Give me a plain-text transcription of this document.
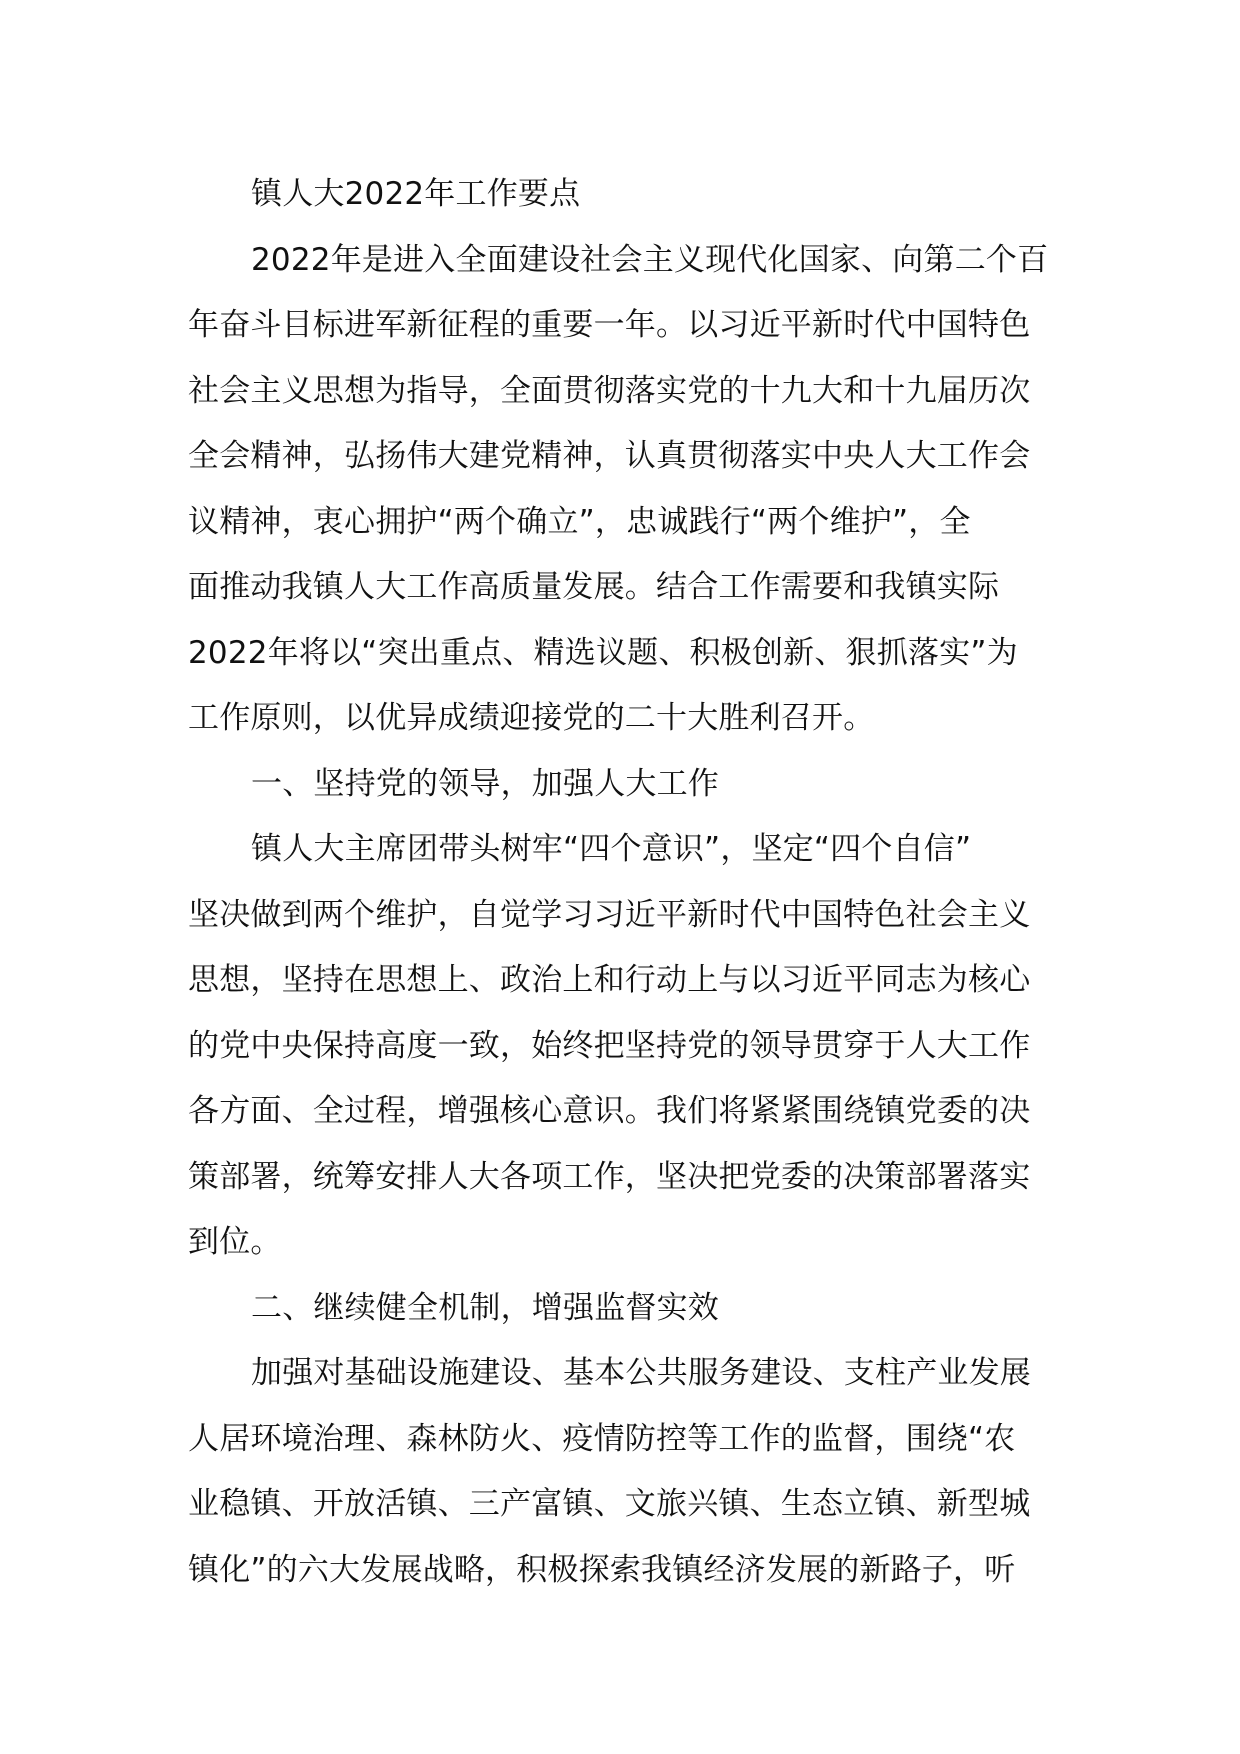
镇人大2022年工作要点
2022年是进入全面建设社会主义现代化国家、向第二个百
年奋斗目标进军新征程的重要一年。以习近平新时代中国特色
社会主义思想为指导，全面贯彻落实党的十九大和十九届历次
全会精神，弘扬伟大建党精神，认真贯彻落实中央人大工作会
议精神，衷心拥护“两个确立”，忠诚践行“两个维护”，全
面推动我镇人大工作高质量发展。结合工作需要和我镇实际
2022年将以“突出重点、精选议题、积极创新、狠抓落实”为
工作原则，以优异成绩迎接党的二十大胜利召开。
一、坚持党的领导，加强人大工作
镇人大主席团带头树牢“四个意识”，坚定“四个自信”
坚决做到两个维护，自觉学习习近平新时代中国特色社会主义
思想，坚持在思想上、政治上和行动上与以习近平同志为核心
的党中央保持高度一致，始终把坚持党的领导贯穿于人大工作
各方面、全过程，增强核心意识。我们将紧紧围绕镇党委的决
策部署，统筹安排人大各项工作，坚决把党委的决策部署落实
到位。
二、继续健全机制，增强监督实效
加强对基础设施建设、基本公共服务建设、支柱产业发展
人居环境治理、森林防火、疫情防控等工作的监督，围绕“农
业稳镇、开放活镇、三产富镇、文旅兴镇、生态立镇、新型城
镇化”的六大发展战略，积极探索我镇经济发展的新路子，听
